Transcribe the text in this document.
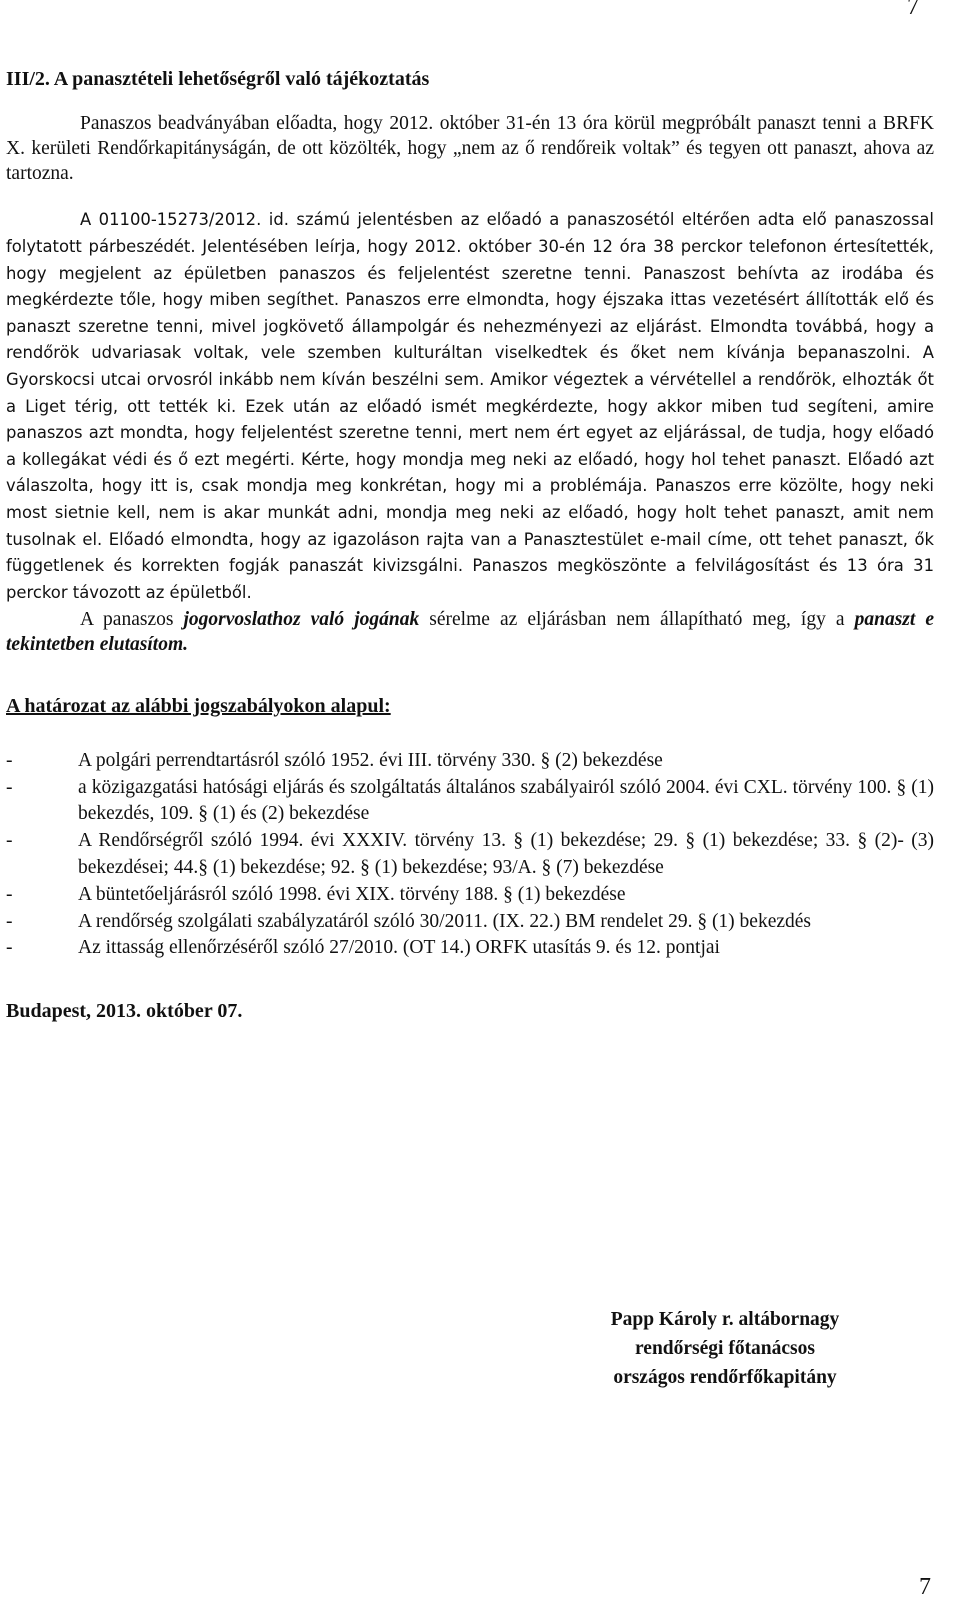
7
III/2. A panasztételi lehetőségről való tájékoztatás

Panaszos beadványában előadta, hogy 2012. október 31-én 13 óra körül megpróbált panaszt tenni a BRFK X. kerületi Rendőrkapitányságán, de ott közölték, hogy „nem az ő rendőreik voltak” és tegyen ott panaszt, ahova az tartozna.

A 01100-15273/2012. id. számú jelentésben az előadó a panaszosétól eltérően adta elő panaszossal folytatott párbeszédét. Jelentésében leírja, hogy 2012. október 30-én 12 óra 38 perckor telefonon értesítették, hogy megjelent az épületben panaszos és feljelentést szeretne tenni. Panaszost behívta az irodába és megkérdezte tőle, hogy miben segíthet. Panaszos erre elmondta, hogy éjszaka ittas vezetésért állították elő és panaszt szeretne tenni, mivel jogkövető állampolgár és nehezményezi az eljárást. Elmondta továbbá, hogy a rendőrök udvariasak voltak, vele szemben kulturáltan viselkedtek és őket nem kívánja bepanaszolni. A Gyorskocsi utcai orvosról inkább nem kíván beszélni sem. Amikor végeztek a vérvétellel a rendőrök, elhozták őt a Liget térig, ott tették ki. Ezek után az előadó ismét megkérdezte, hogy akkor miben tud segíteni, amire panaszos azt mondta, hogy feljelentést szeretne tenni, mert nem ért egyet az eljárással, de tudja, hogy előadó a kollegákat védi és ő ezt megérti. Kérte, hogy mondja meg neki az előadó, hogy hol tehet panaszt. Előadó azt válaszolta, hogy itt is, csak mondja meg konkrétan, hogy mi a problémája. Panaszos erre közölte, hogy neki most sietnie kell, nem is akar munkát adni, mondja meg neki az előadó, hogy holt tehet panaszt, amit nem tusolnak el. Előadó elmondta, hogy az igazoláson rajta van a Panasztestület e-mail címe, ott tehet panaszt, ők függetlenek és korrekten fogják panaszát kivizsgálni. Panaszos megköszönte a felvilágosítást és 13 óra 31 perckor távozott az épületből.

A panaszos jogorvoslathoz való jogának sérelme az eljárásban nem állapítható meg, így a panaszt e tekintetben elutasítom.

A határozat az alábbi jogszabályokon alapul:
- A polgári perrendtartásról szóló 1952. évi III. törvény 330. § (2) bekezdése
- a közigazgatási hatósági eljárás és szolgáltatás általános szabályairól szóló 2004. évi CXL. törvény 100. § (1) bekezdés, 109. § (1) és (2) bekezdése
- A Rendőrségről szóló 1994. évi XXXIV. törvény 13. § (1) bekezdése; 29. § (1) bekezdése; 33. § (2)- (3) bekezdései; 44.§ (1) bekezdése; 92. § (1) bekezdése; 93/A. § (7) bekezdése
- A büntetőeljárásról szóló 1998. évi XIX. törvény 188. § (1) bekezdése
- A rendőrség szolgálati szabályzatáról szóló 30/2011. (IX. 22.) BM rendelet 29. § (1) bekezdés
- Az ittasság ellenőrzéséről szóló 27/2010. (OT 14.) ORFK utasítás 9. és 12. pontjai
Budapest, 2013. október 07.
Papp Károly r. altábornagy
rendőrségi főtanácsos
országos rendőrfőkapitány
7
